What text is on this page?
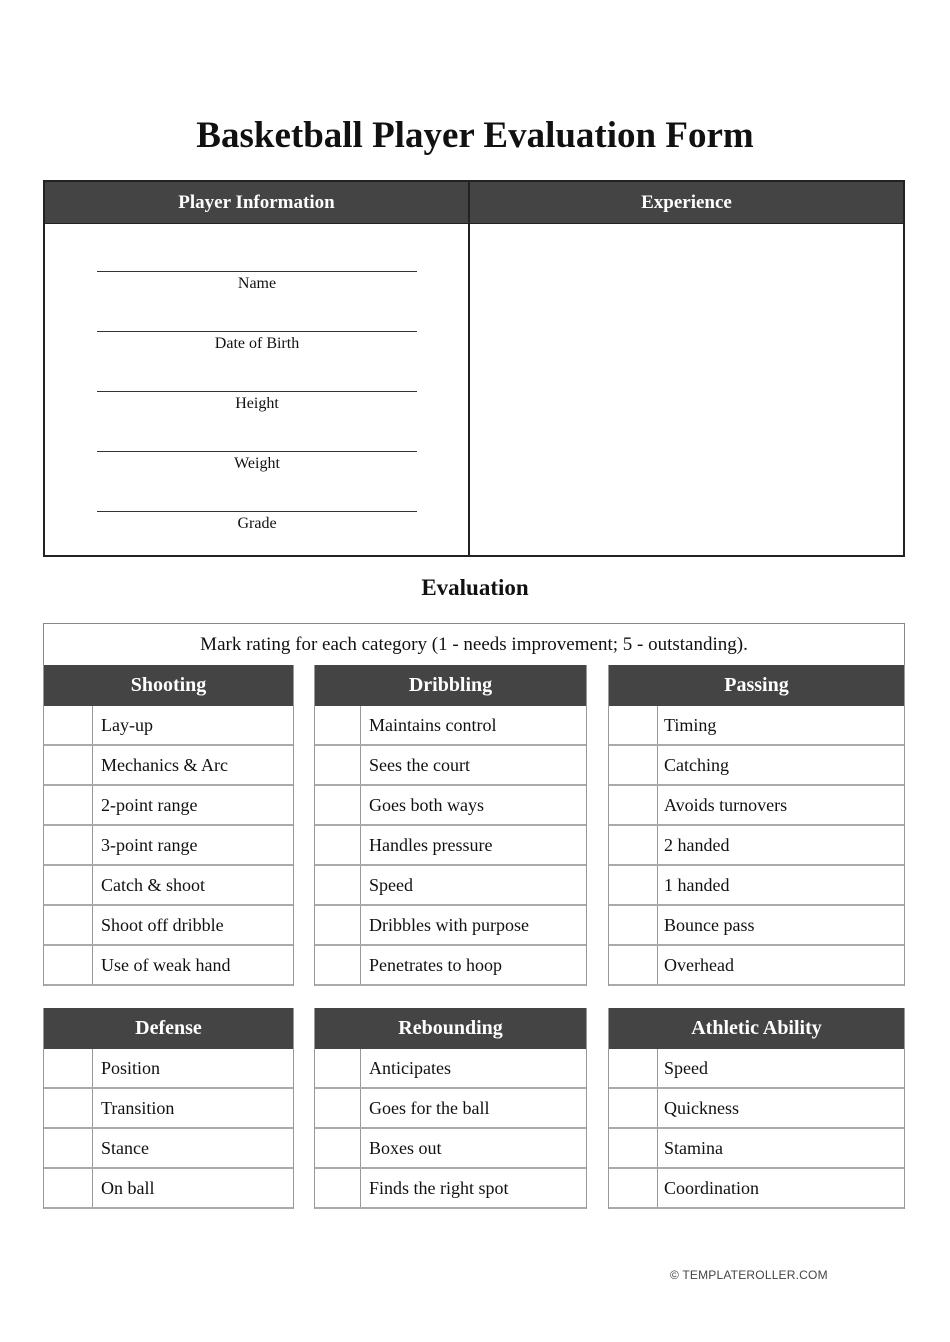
Basketball Player Evaluation Form
Player Information	Experience
Name
Date of Birth
Height
Weight
Grade
Evaluation
Mark rating for each category (1 - needs improvement; 5 - outstanding).
Shooting
Lay-up
Mechanics & Arc
2-point range
3-point range
Catch & shoot
Shoot off dribble
Use of weak hand
Dribbling
Maintains control
Sees the court
Goes both ways
Handles pressure
Speed
Dribbles with purpose
Penetrates to hoop
Passing
Timing
Catching
Avoids turnovers
2 handed
1 handed
Bounce pass
Overhead
Defense
Position
Transition
Stance
On ball
Rebounding
Anticipates
Goes for the ball
Boxes out
Finds the right spot
Athletic Ability
Speed
Quickness
Stamina
Coordination
© TEMPLATEROLLER.COM
